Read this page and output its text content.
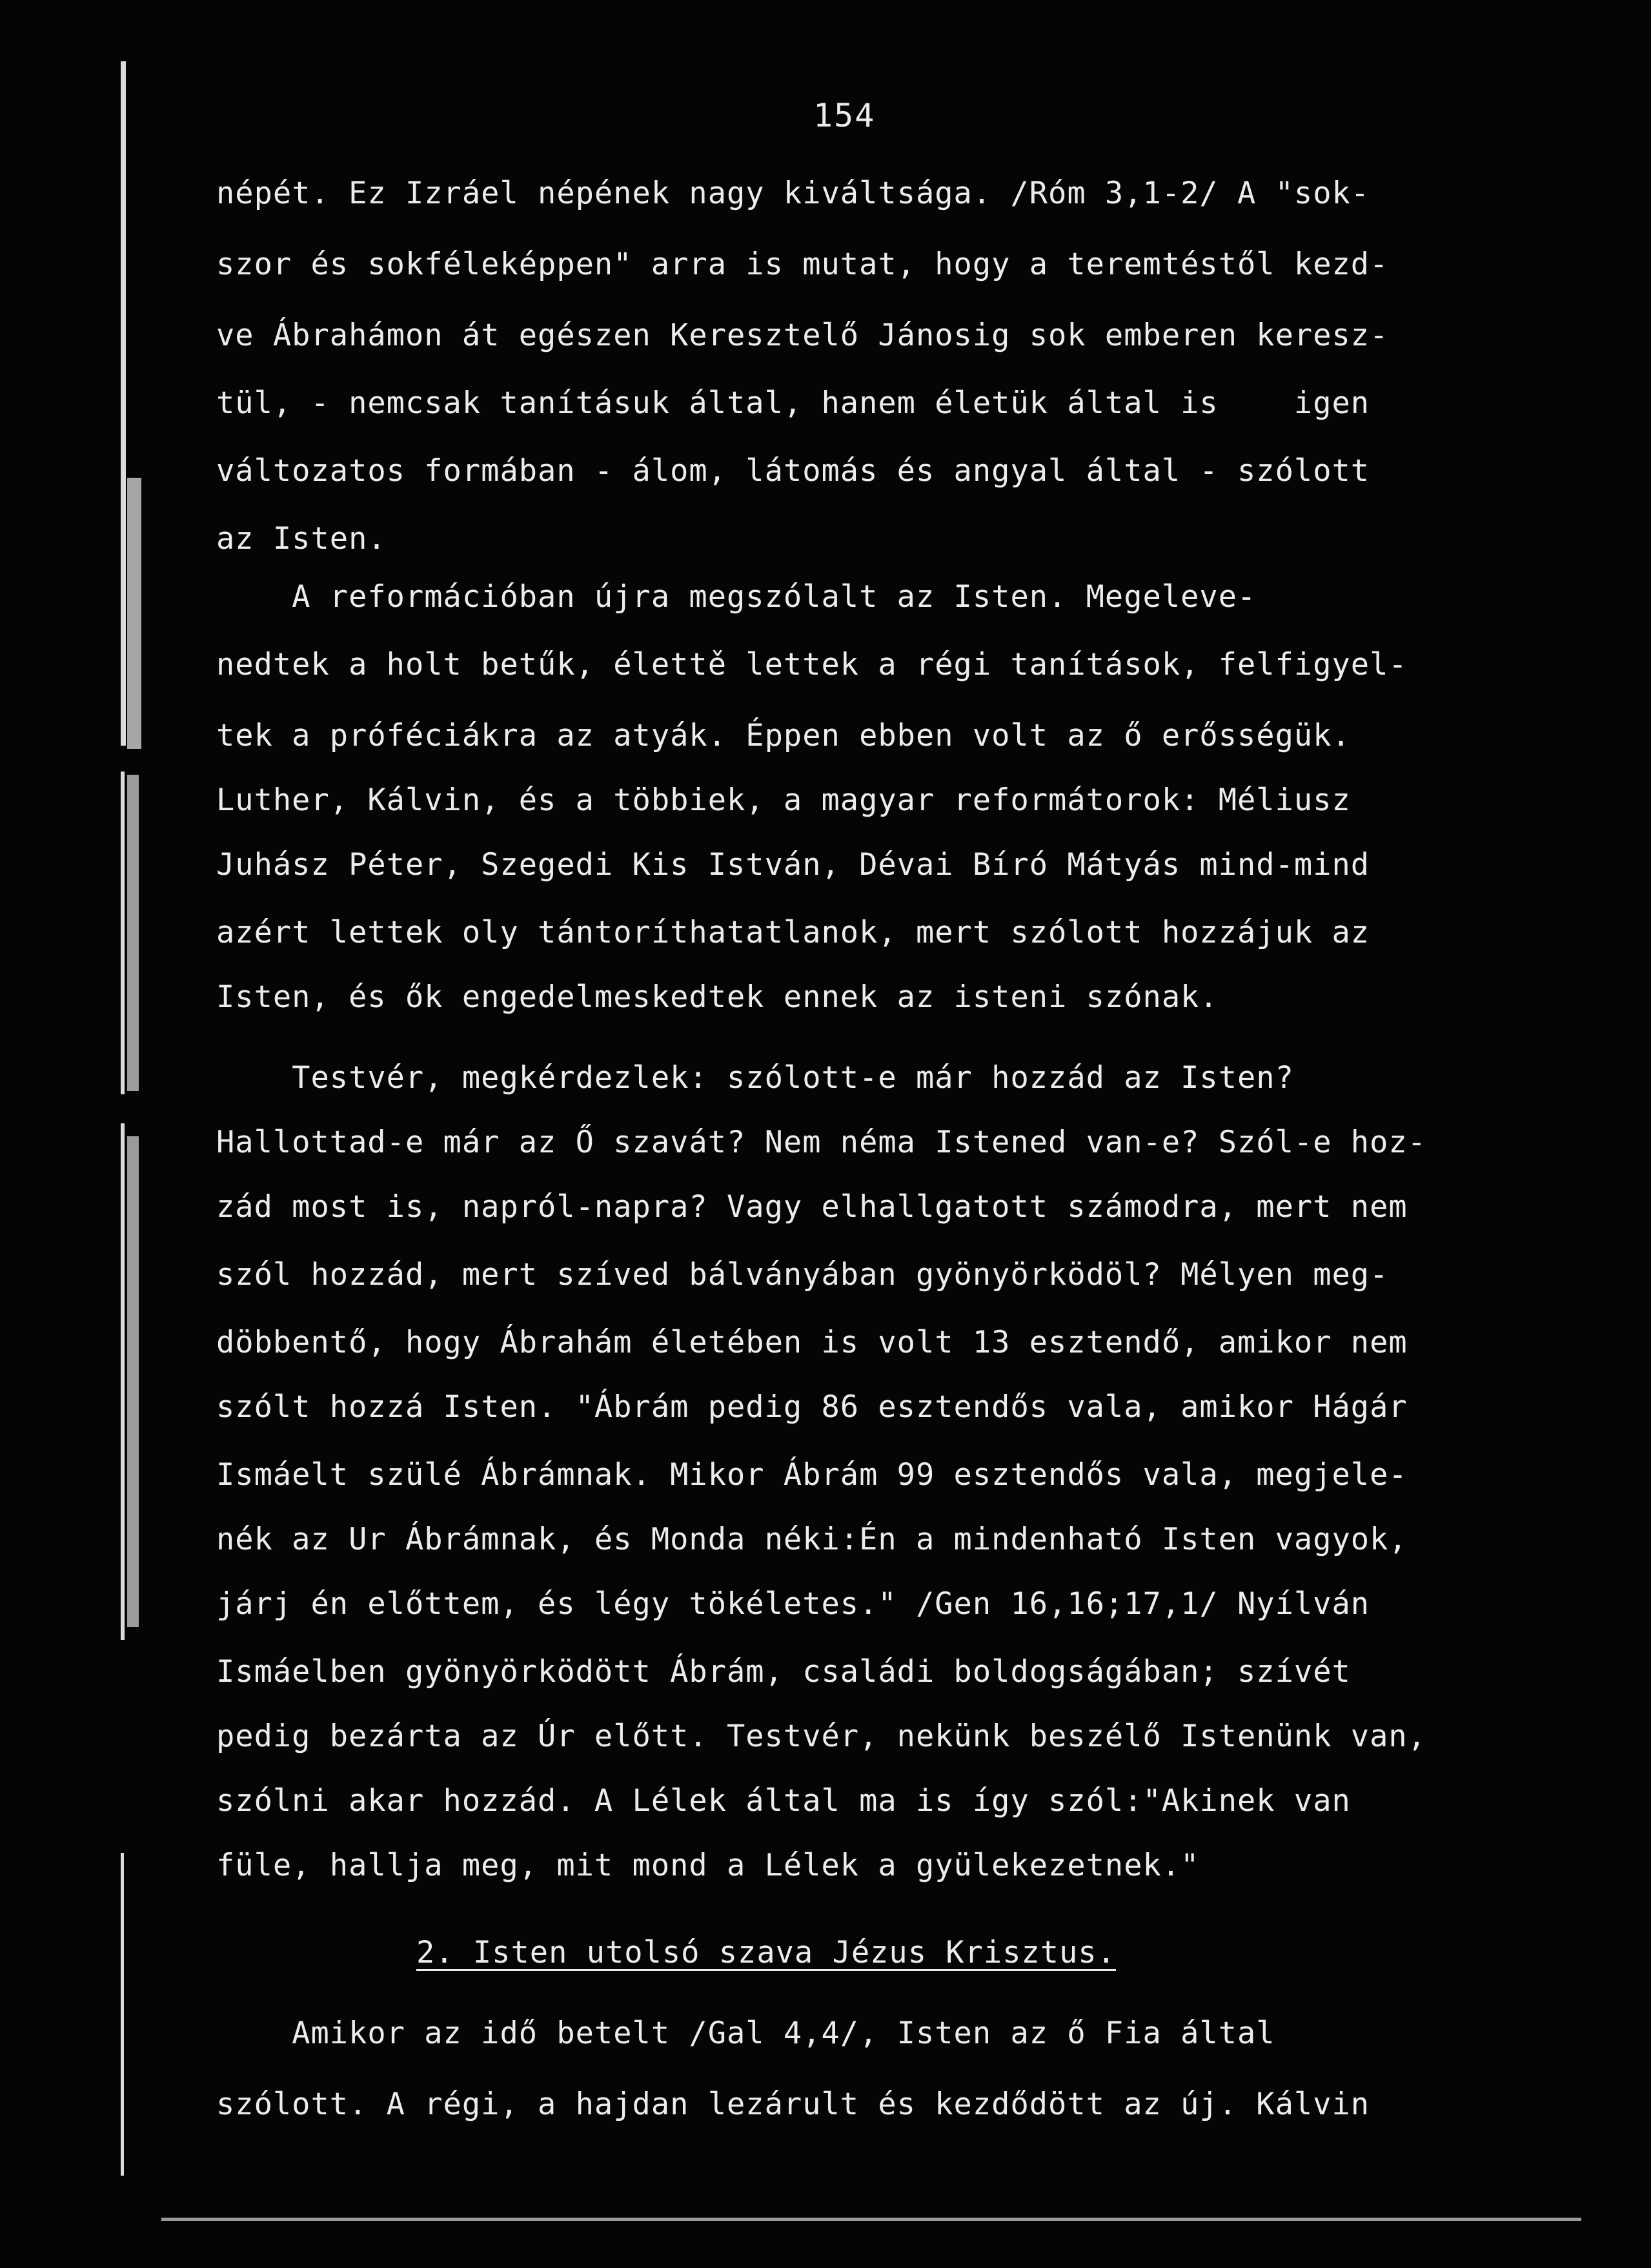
154
népét. Ez Izráel népének nagy kiváltsága. /Róm 3,1-2/ A "sok-
szor és sokféleképpen" arra is mutat, hogy a teremtéstől kezd-
ve Ábrahámon át egészen Keresztelő Jánosig sok emberen keresz-
tül, - nemcsak tanításuk által, hanem életük által is    igen
változatos formában - álom, látomás és angyal által - szólott
az Isten.
A reformációban újra megszólalt az Isten. Megeleve-
nedtek a holt betűk, élettě lettek a régi tanítások, felfigyel-
tek a próféciákra az atyák. Éppen ebben volt az ő erősségük.
Luther, Kálvin, és a többiek, a magyar reformátorok: Méliusz
Juhász Péter, Szegedi Kis István, Dévai Bíró Mátyás mind-mind
azért lettek oly tántoríthatatlanok, mert szólott hozzájuk az
Isten, és ők engedelmeskedtek ennek az isteni szónak.
Testvér, megkérdezlek: szólott-e már hozzád az Isten?
Hallottad-e már az Ő szavát? Nem néma Istened van-e? Szól-e hoz-
zád most is, napról-napra? Vagy elhallgatott számodra, mert nem
szól hozzád, mert szíved bálványában gyönyörködöl? Mélyen meg-
döbbentő, hogy Ábrahám életében is volt 13 esztendő, amikor nem
szólt hozzá Isten. "Ábrám pedig 86 esztendős vala, amikor Hágár
Ismáelt szülé Ábrámnak. Mikor Ábrám 99 esztendős vala, megjele-
nék az Ur Ábrámnak, és Monda néki:Én a mindenható Isten vagyok,
járj én előttem, és légy tökéletes." /Gen 16,16;17,1/ Nyílván
Ismáelben gyönyörködött Ábrám, családi boldogságában; szívét
pedig bezárta az Úr előtt. Testvér, nekünk beszélő Istenünk van,
szólni akar hozzád. A Lélek által ma is így szól:"Akinek van
füle, hallja meg, mit mond a Lélek a gyülekezetnek."
2. Isten utolsó szava Jézus Krisztus.
Amikor az idő betelt /Gal 4,4/, Isten az ő Fia által
szólott. A régi, a hajdan lezárult és kezdődött az új. Kálvin
